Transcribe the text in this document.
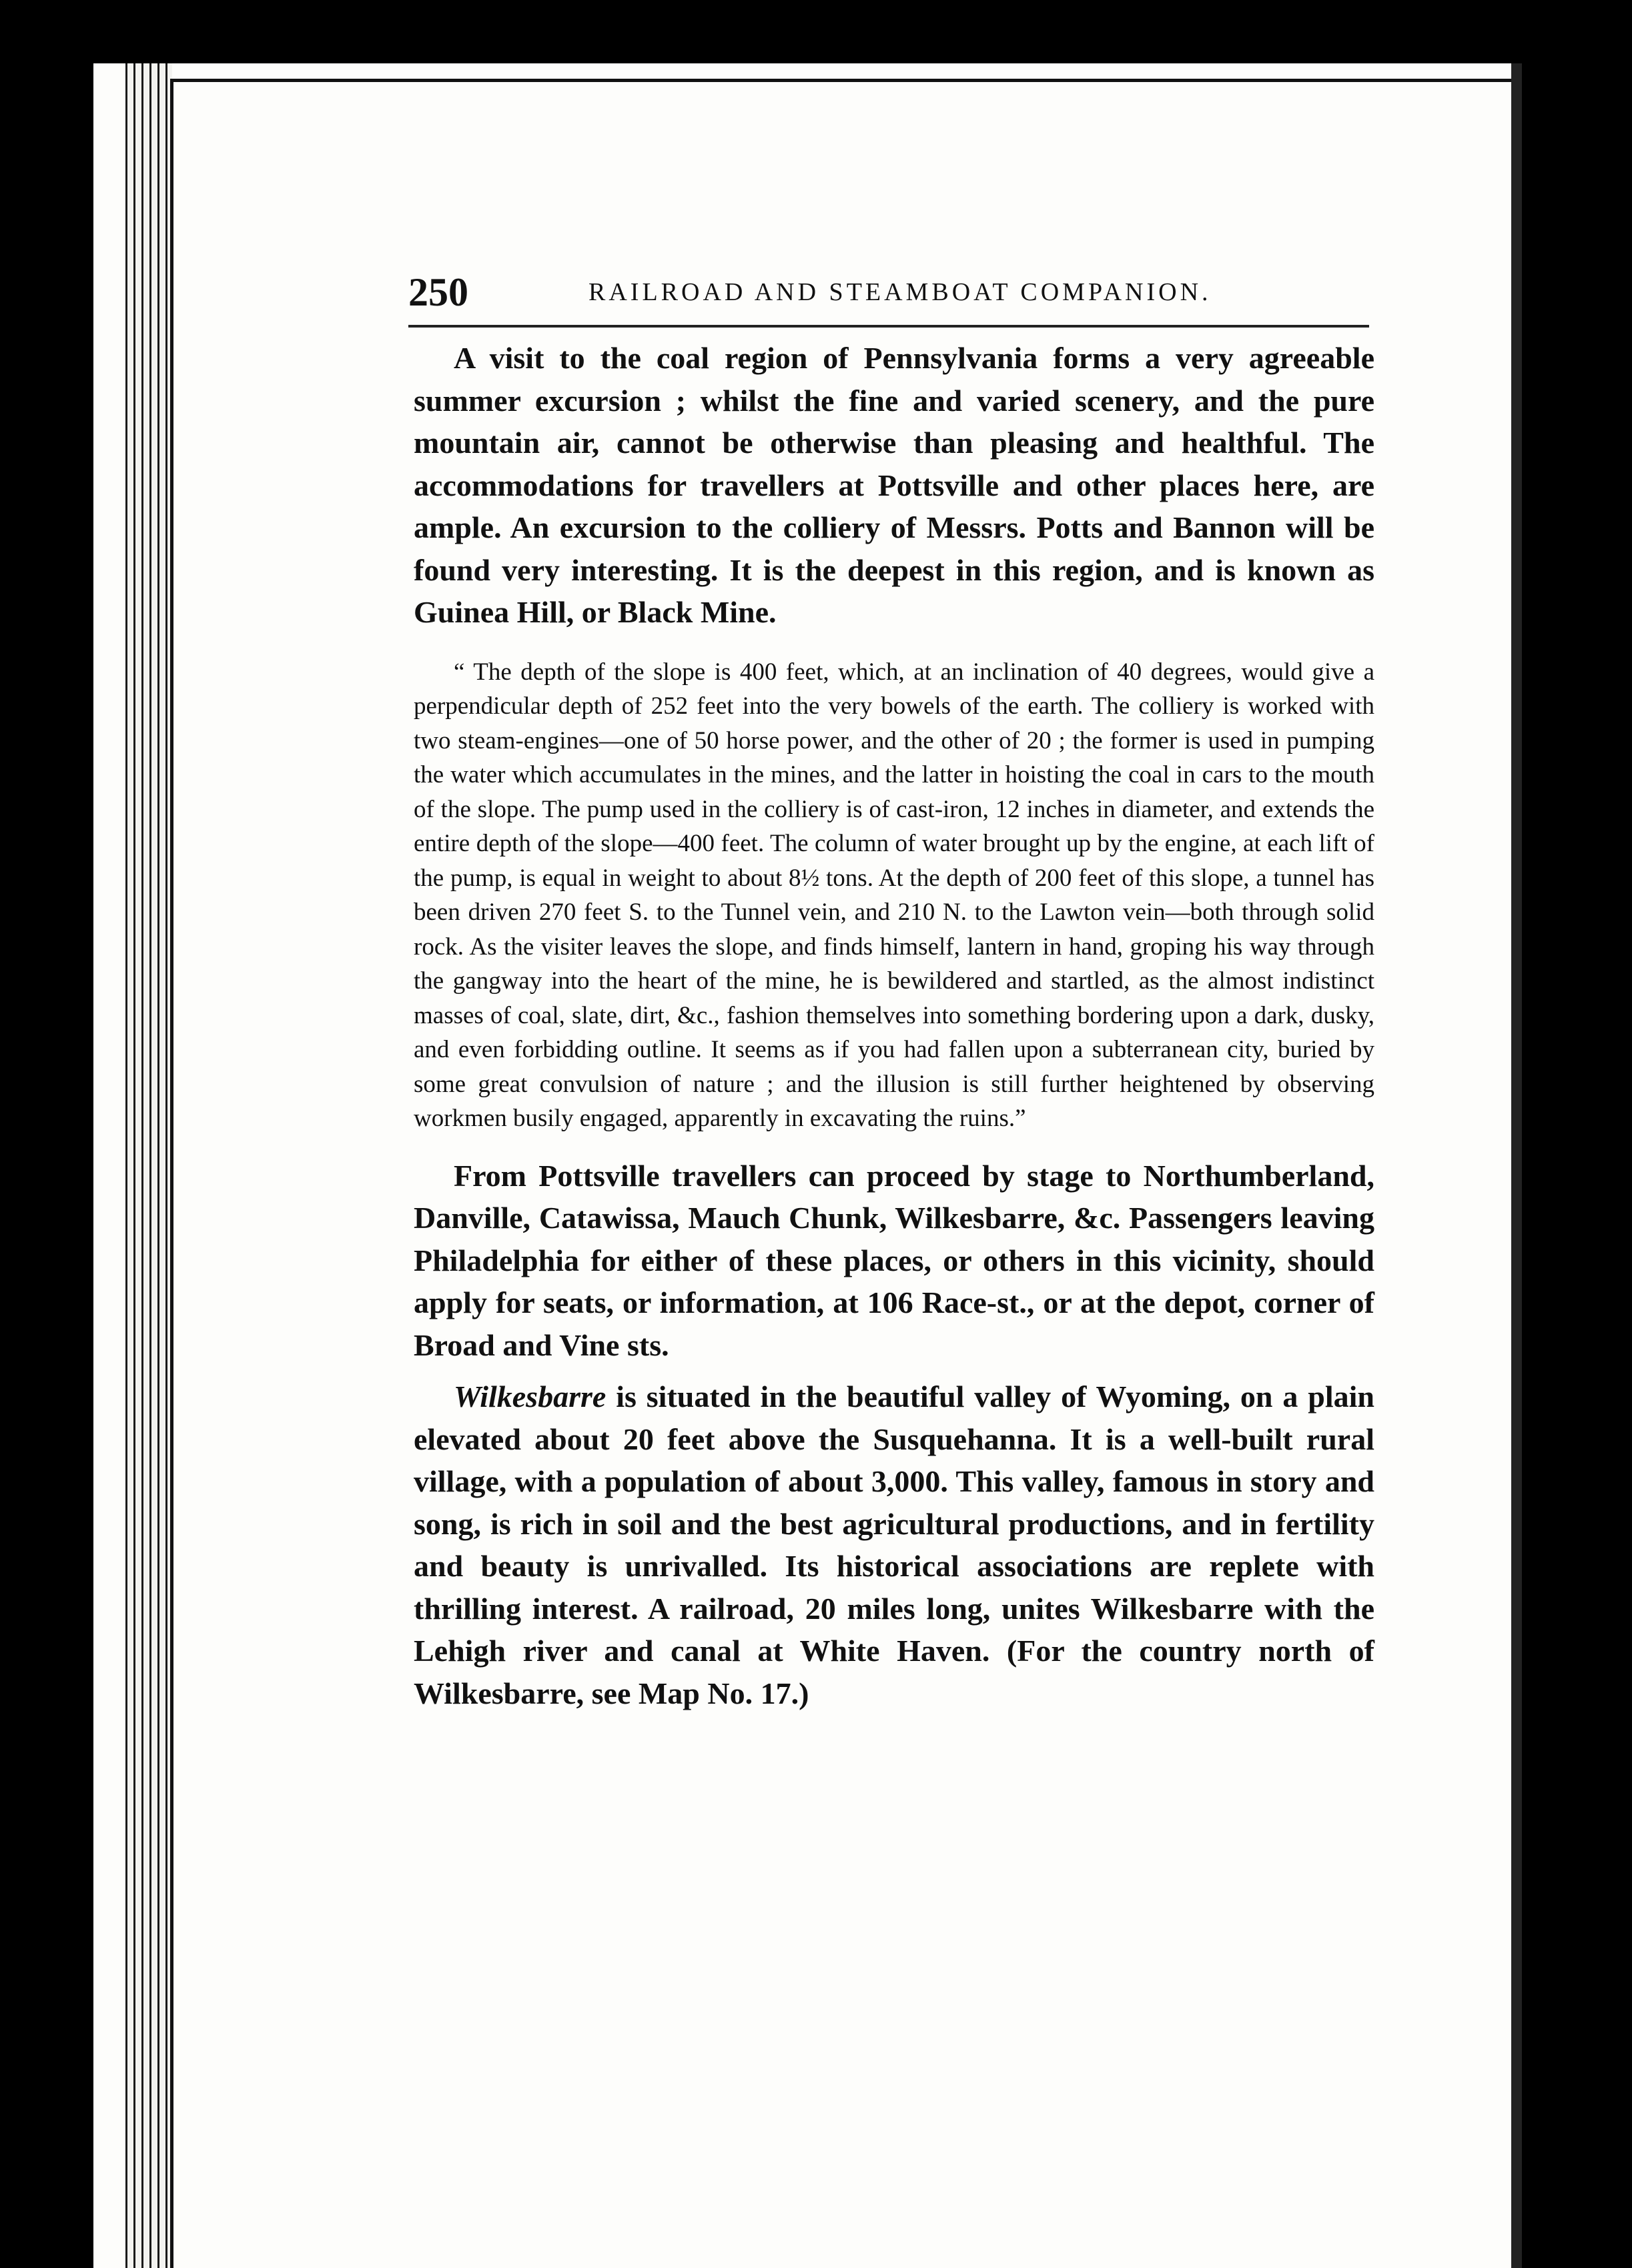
250	RAILROAD AND STEAMBOAT COMPANION.

A visit to the coal region of Pennsylvania forms a very agreeable summer excursion ; whilst the fine and varied scenery, and the pure mountain air, cannot be otherwise than pleasing and healthful. The accommodations for travellers at Pottsville and other places here, are ample. An excursion to the colliery of Messrs. Potts and Bannon will be found very interesting. It is the deepest in this region, and is known as Guinea Hill, or Black Mine.

“ The depth of the slope is 400 feet, which, at an inclination of 40 degrees, would give a perpendicular depth of 252 feet into the very bowels of the earth. The colliery is worked with two steam-engines—one of 50 horse power, and the other of 20 ; the former is used in pumping the water which accumulates in the mines, and the latter in hoisting the coal in cars to the mouth of the slope. The pump used in the colliery is of cast-iron, 12 inches in diameter, and extends the entire depth of the slope—400 feet. The column of water brought up by the engine, at each lift of the pump, is equal in weight to about 8½ tons. At the depth of 200 feet of this slope, a tunnel has been driven 270 feet S. to the Tunnel vein, and 210 N. to the Lawton vein—both through solid rock. As the visiter leaves the slope, and finds himself, lantern in hand, groping his way through the gangway into the heart of the mine, he is bewildered and startled, as the almost indistinct masses of coal, slate, dirt, &c., fashion themselves into something bordering upon a dark, dusky, and even forbidding outline. It seems as if you had fallen upon a subterranean city, buried by some great convulsion of nature ; and the illusion is still further heightened by observing workmen busily engaged, apparently in excavating the ruins.”

From Pottsville travellers can proceed by stage to Northumberland, Danville, Catawissa, Mauch Chunk, Wilkesbarre, &c. Passengers leaving Philadelphia for either of these places, or others in this vicinity, should apply for seats, or information, at 106 Race-st., or at the depot, corner of Broad and Vine sts.

Wilkesbarre is situated in the beautiful valley of Wyoming, on a plain elevated about 20 feet above the Susquehanna. It is a well-built rural village, with a population of about 3,000. This valley, famous in story and song, is rich in soil and the best agricultural productions, and in fertility and beauty is unrivalled. Its historical associations are replete with thrilling interest. A railroad, 20 miles long, unites Wilkesbarre with the Lehigh river and canal at White Haven. (For the country north of Wilkesbarre, see Map No. 17.)
